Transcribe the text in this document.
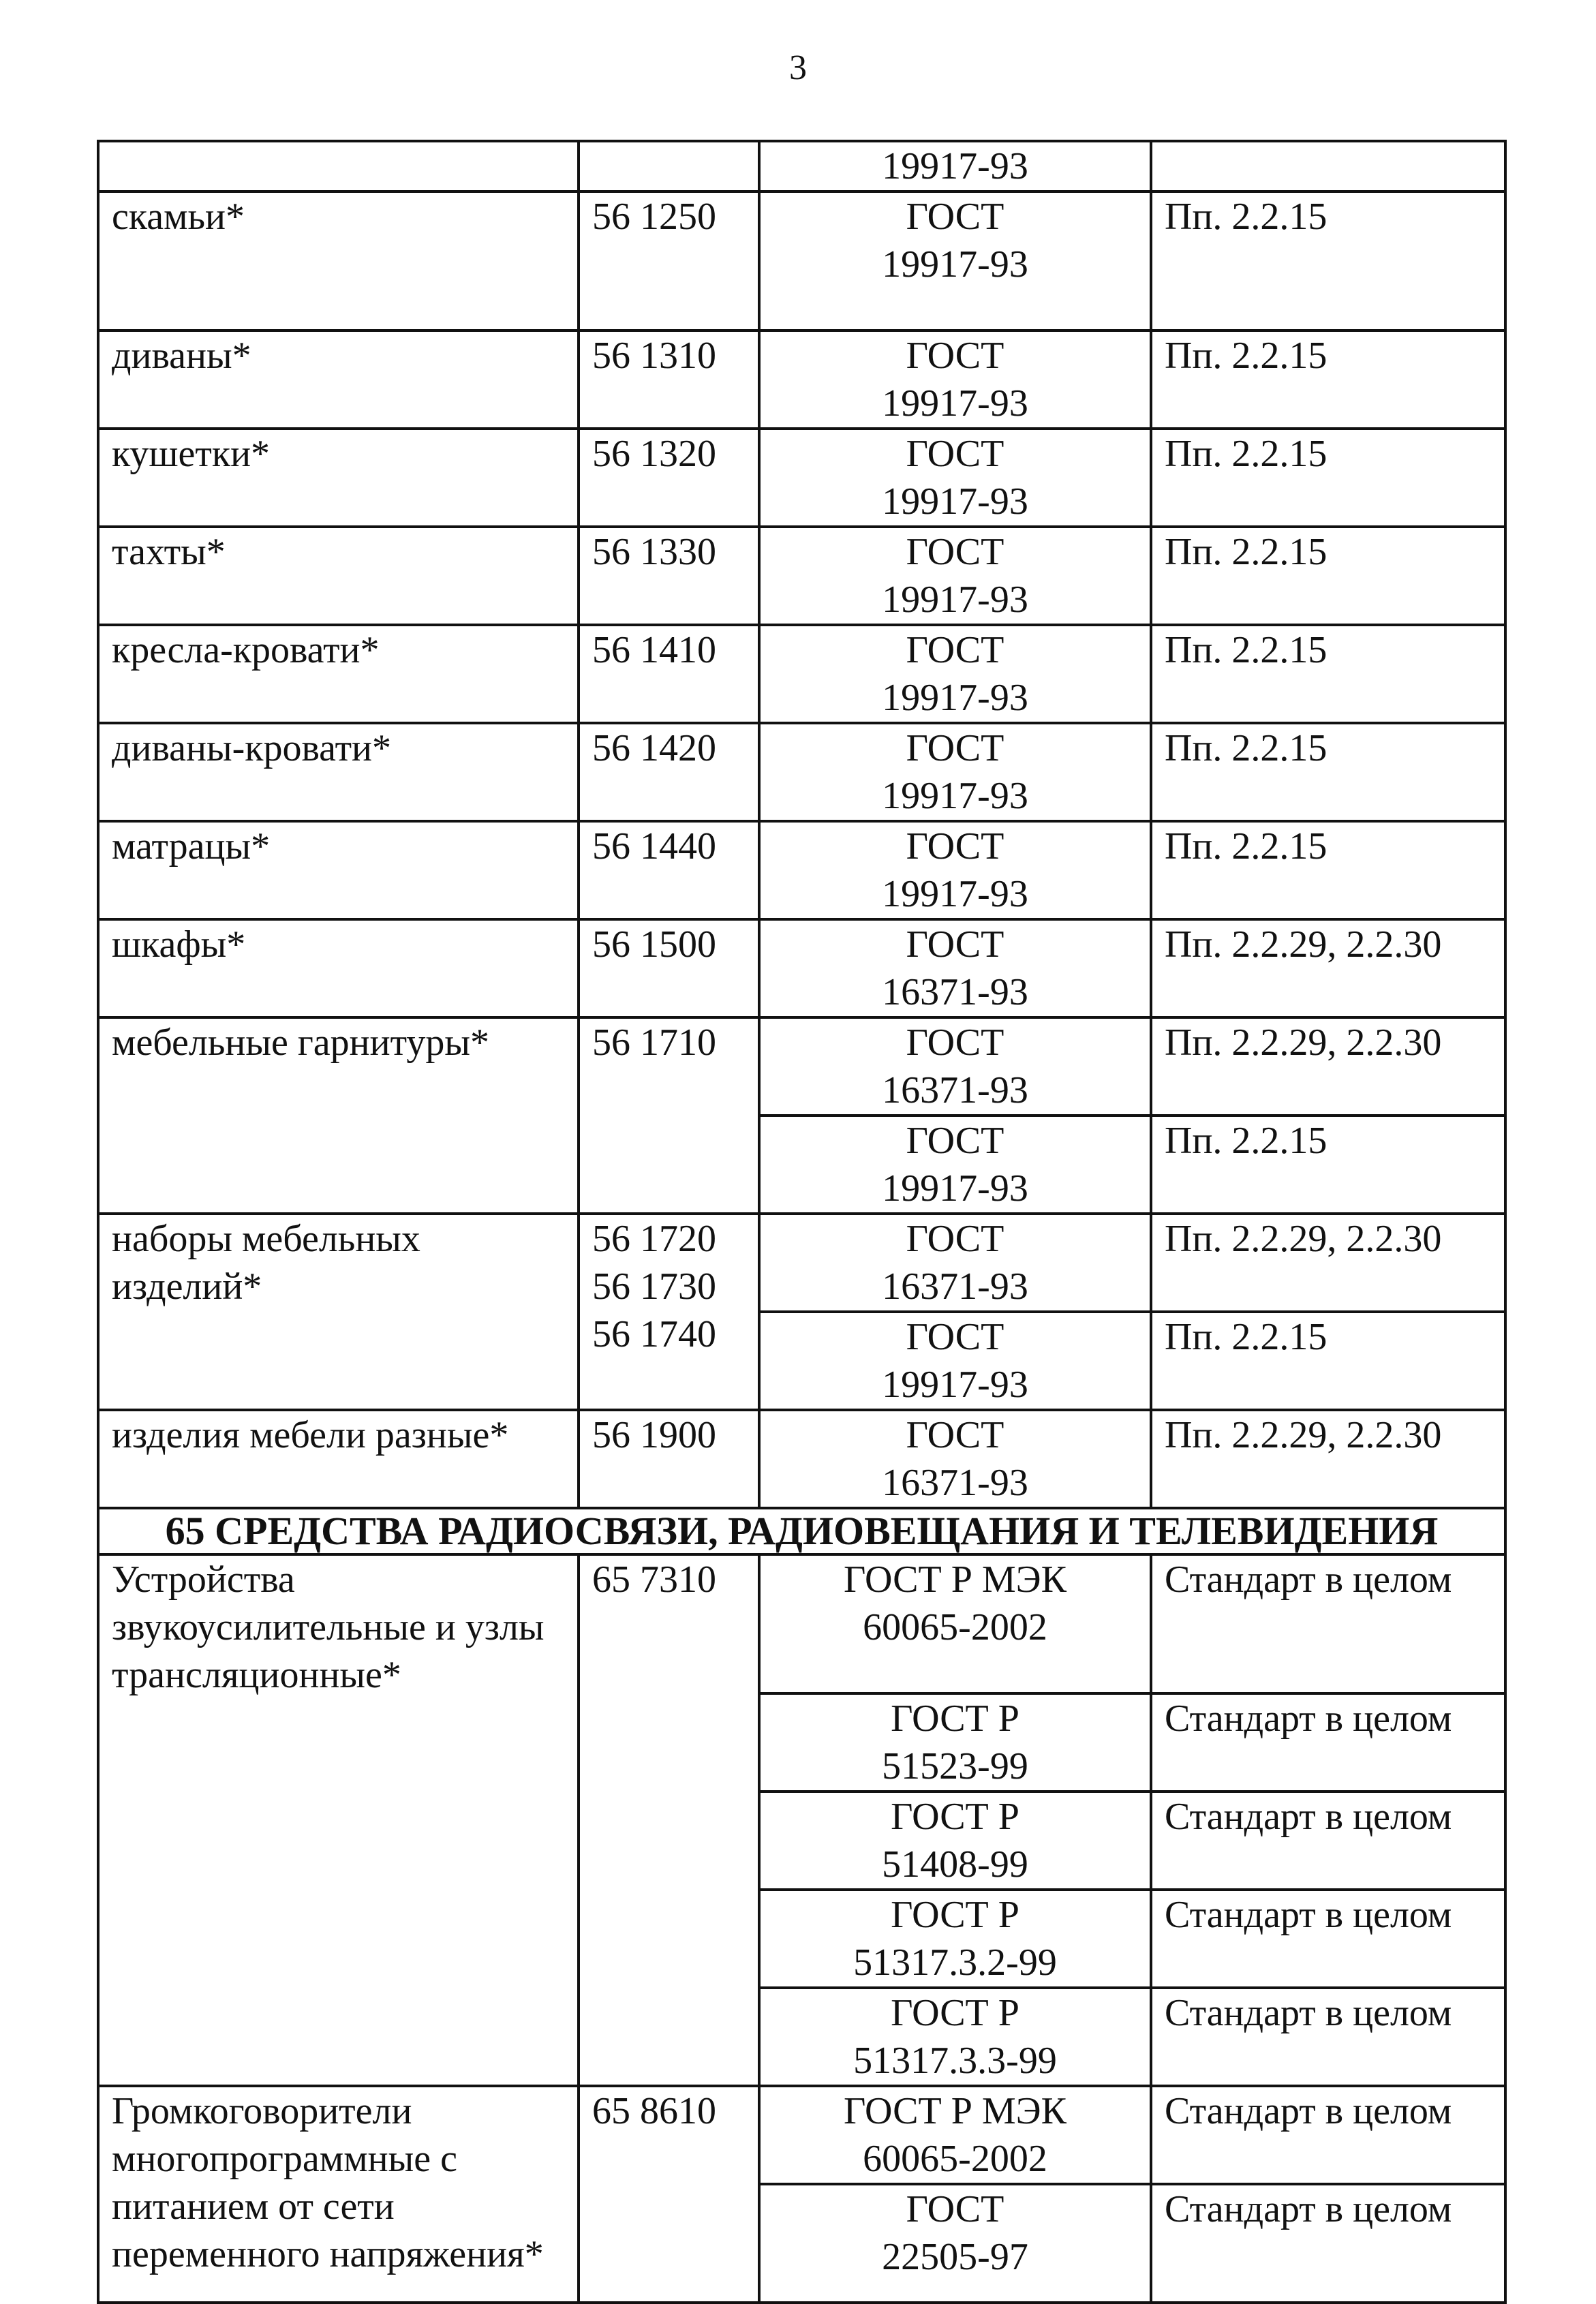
3

		19917-93	

скамьи*	56 1250	ГОСТ
19917-93	Пп. 2.2.15
диваны*	56 1310	ГОСТ
19917-93	Пп. 2.2.15
кушетки*	56 1320	ГОСТ
19917-93	Пп. 2.2.15
тахты*	56 1330	ГОСТ
19917-93	Пп. 2.2.15
кресла-кровати*	56 1410	ГОСТ
19917-93	Пп. 2.2.15
диваны-кровати*	56 1420	ГОСТ
19917-93	Пп. 2.2.15
матрацы*	56 1440	ГОСТ
19917-93	Пп. 2.2.15
шкафы*	56 1500	ГОСТ
16371-93	Пп. 2.2.29, 2.2.30
мебельные гарнитуры*	56 1710	ГОСТ
16371-93	Пп. 2.2.29, 2.2.30

		ГОСТ
19917-93	Пп. 2.2.15

наборы мебельных
изделий*	56 1720
56 1730
56 1740	ГОСТ
16371-93	Пп. 2.2.29, 2.2.30

		ГОСТ
19917-93	Пп. 2.2.15
изделия мебели разные*	56 1900	ГОСТ
16371-93	Пп. 2.2.29, 2.2.30
65 СРЕДСТВА РАДИОСВЯЗИ, РАДИОВЕЩАНИЯ И ТЕЛЕВИДЕНИЯ			

Устройства
звукоусилительные и узлы
трансляционные*	65 7310	ГОСТ Р МЭК
60065-2002	Стандарт в целом

		ГОСТ Р
51523-99	Стандарт в целом

		ГОСТ Р
51408-99	Стандарт в целом

		ГОСТ Р
51317.3.2-99	Стандарт в целом

		ГОСТ Р
51317.3.3-99	Стандарт в целом

Громкоговорители
многопрограммные с
питанием от сети
переменного напряжения*	65 8610	ГОСТ Р МЭК
60065-2002	Стандарт в целом

		ГОСТ
22505-97	Стандарт в целом
